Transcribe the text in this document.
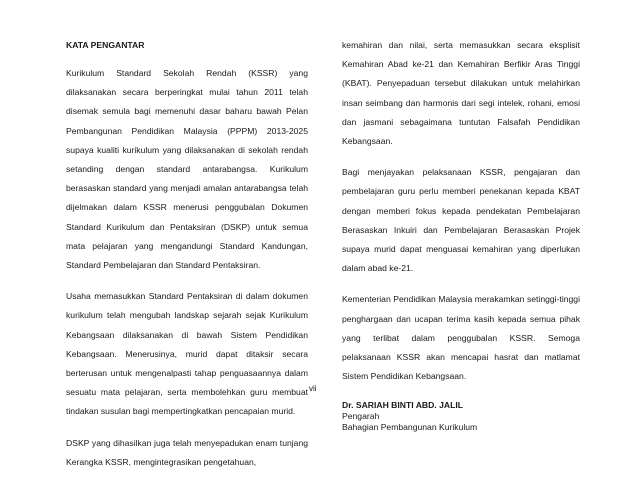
KATA PENGANTAR

Kurikulum Standard Sekolah Rendah (KSSR) yang dilaksanakan secara berperingkat mulai tahun 2011 telah disemak semula bagi memenuhi dasar baharu bawah Pelan Pembangunan Pendidikan Malaysia (PPPM) 2013-2025 supaya kualiti kurikulum yang dilaksanakan di sekolah rendah setanding dengan standard antarabangsa. Kurikulum berasaskan standard yang menjadi amalan antarabangsa telah dijelmakan dalam KSSR menerusi penggubalan Dokumen Standard Kurikulum dan Pentaksiran (DSKP) untuk semua mata pelajaran yang mengandungi Standard Kandungan, Standard Pembelajaran dan Standard Pentaksiran.

Usaha memasukkan Standard Pentaksiran di dalam dokumen kurikulum telah mengubah landskap sejarah sejak Kurikulum Kebangsaan dilaksanakan di bawah Sistem Pendidikan Kebangsaan. Menerusinya, murid dapat ditaksir secara berterusan untuk mengenalpasti tahap penguasaannya dalam sesuatu mata pelajaran, serta membolehkan guru membuat tindakan susulan bagi mempertingkatkan pencapaian murid.

DSKP yang dihasilkan juga telah menyepadukan enam tunjang Kerangka KSSR, mengintegrasikan pengetahuan,

kemahiran dan nilai, serta memasukkan secara eksplisit Kemahiran Abad ke-21 dan Kemahiran Berfikir Aras Tinggi (KBAT). Penyepaduan tersebut dilakukan untuk melahirkan insan seimbang dan harmonis dari segi intelek, rohani, emosi dan jasmani sebagaimana tuntutan Falsafah Pendidikan Kebangsaan.

Bagi menjayakan pelaksanaan KSSR, pengajaran dan pembelajaran guru perlu memberi penekanan kepada KBAT dengan memberi fokus kepada pendekatan Pembelajaran Berasaskan Inkuiri dan Pembelajaran Berasaskan Projek supaya murid dapat menguasai kemahiran yang diperlukan dalam abad ke-21.

Kementerian Pendidikan Malaysia merakamkan setinggi-tinggi penghargaan dan ucapan terima kasih kepada semua pihak yang terlibat dalam penggubalan KSSR. Semoga pelaksanaan KSSR akan mencapai hasrat dan matlamat Sistem Pendidikan Kebangsaan.

Dr. SARIAH BINTI ABD. JALIL
Pengarah
Bahagian Pembangunan Kurikulum
vii
